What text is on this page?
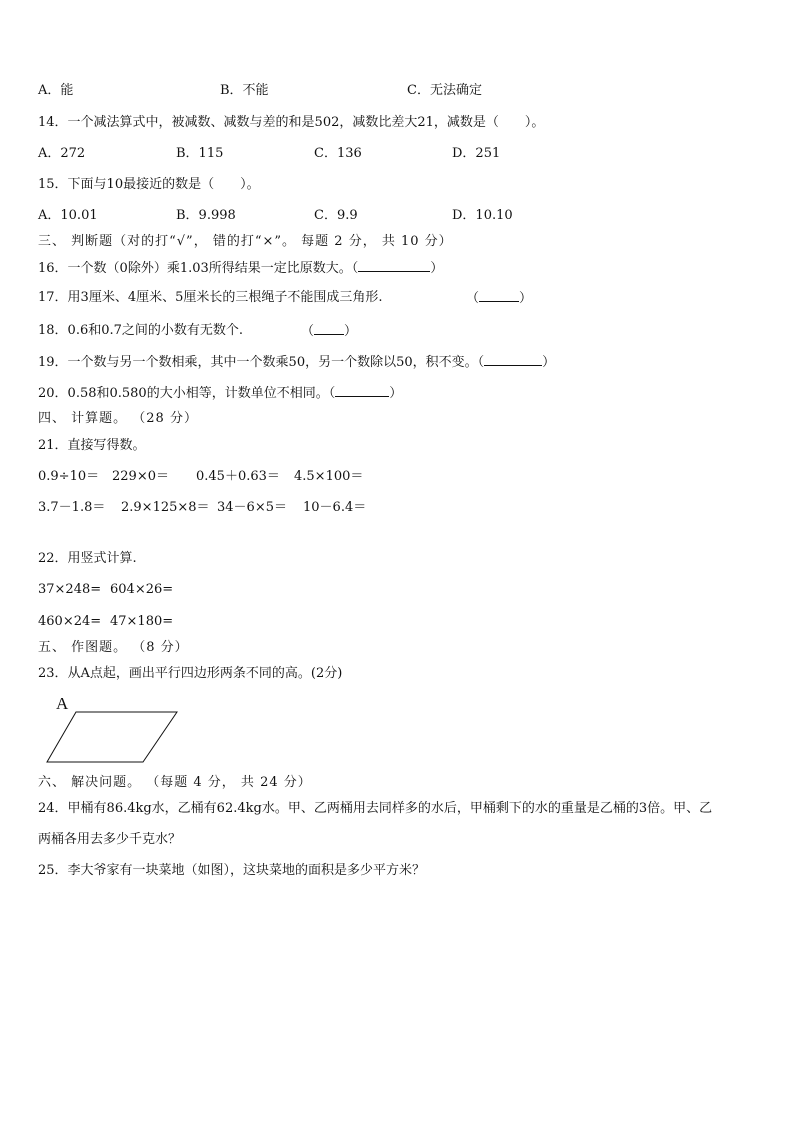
A．能	B．不能	C．无法确定
14．一个减法算式中，被减数、减数与差的和是502，减数比差大21，减数是（　　）。
A．272	B．115	C．136	D．251
15．下面与10最接近的数是（　　）。
A．10.01	B．9.998	C．9.9	D．10.10
三、 判断题（对的打“√”， 错的打“×”。 每题 2 分， 共 10 分）
16．一个数（0除外）乘1.03所得结果一定比原数大。（	）
17．用3厘米、4厘米、5厘米长的三根绳子不能围成三角形.	（	）
18．0.6和0.7之间的小数有无数个.	（ ）
19．一个数与另一个数相乘，其中一个数乘50，另一个数除以50，积不变。（	）
20．0.58和0.580的大小相等，计数单位不相同。（	）
四、 计算题。 （28 分）
21．直接写得数。
0.9÷10＝ 229×0＝ 0.45＋0.63＝ 4.5×100＝
3.7－1.8＝ 2.9×125×8＝ 34－6×5＝ 10－6.4＝
22．用竖式计算.
37×248= 604×26=
460×24= 47×180=
五、 作图题。 （8 分）
23．从A点起，画出平行四边形两条不同的高。(2分)
A
六、 解决问题。 （每题 4 分， 共 24 分）
24．甲桶有86.4kg水，乙桶有62.4kg水。甲、乙两桶用去同样多的水后，甲桶剩下的水的重量是乙桶的3倍。甲、乙
两桶各用去多少千克水？
25．李大爷家有一块菜地（如图），这块菜地的面积是多少平方米？
